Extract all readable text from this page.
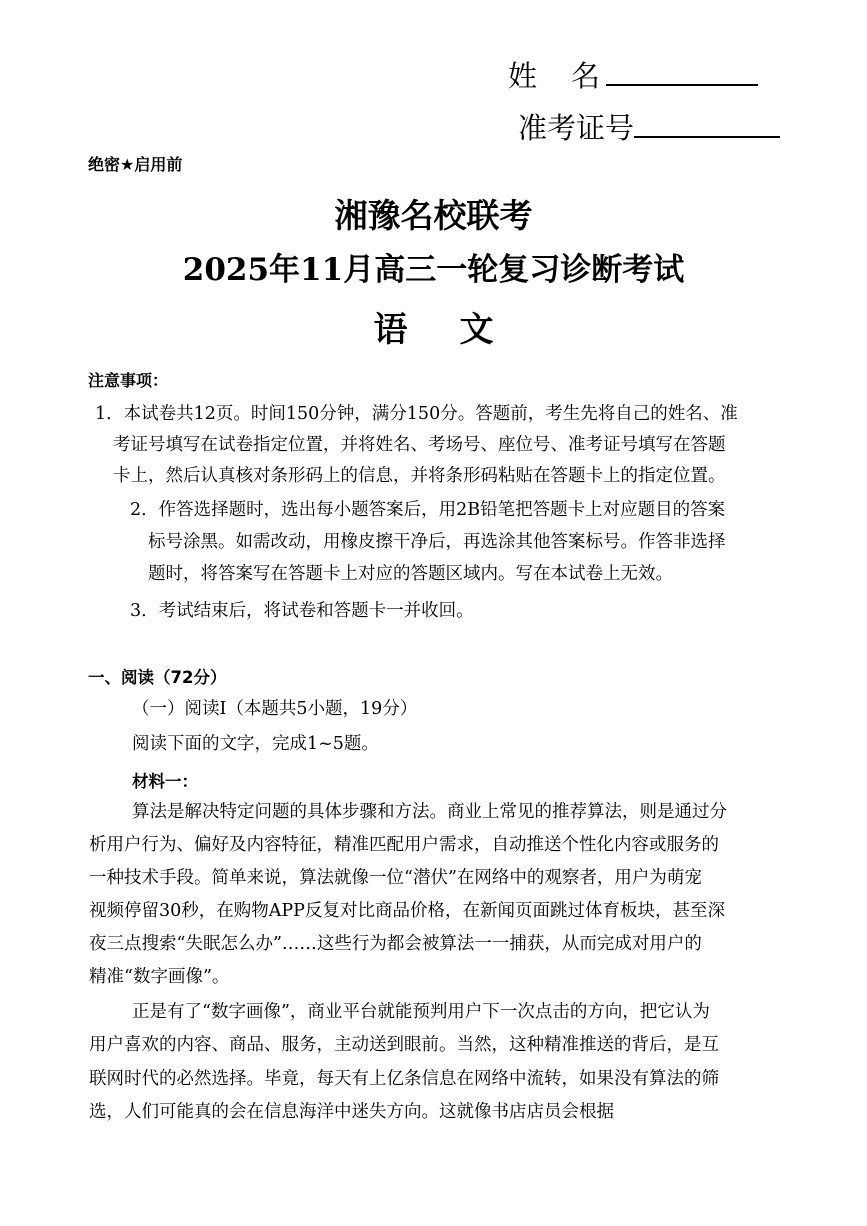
姓名
准考证号
绝密★启用前
湘豫名校联考
2025年11月高三一轮复习诊断考试
语文
注意事项：
1．本试卷共12页。时间150分钟，满分150分。答题前，考生先将自己的姓名、准
考证号填写在试卷指定位置，并将姓名、考场号、座位号、准考证号填写在答题
卡上，然后认真核对条形码上的信息，并将条形码粘贴在答题卡上的指定位置。
2．作答选择题时，选出每小题答案后，用2B铅笔把答题卡上对应题目的答案
标号涂黑。如需改动，用橡皮擦干净后，再选涂其他答案标号。作答非选择
题时，将答案写在答题卡上对应的答题区域内。写在本试卷上无效。
3．考试结束后，将试卷和答题卡一并收回。
一、阅读（72分）
（一）阅读I（本题共5小题，19分）
阅读下面的文字，完成1~5题。
材料一：
算法是解决特定问题的具体步骤和方法。商业上常见的推荐算法，则是通过分
析用户行为、偏好及内容特征，精准匹配用户需求，自动推送个性化内容或服务的
一种技术手段。简单来说，算法就像一位“潜伏”在网络中的观察者，用户为萌宠
视频停留30秒，在购物APP反复对比商品价格，在新闻页面跳过体育板块，甚至深
夜三点搜索“失眠怎么办”……这些行为都会被算法一一捕获，从而完成对用户的
精准“数字画像”。
正是有了“数字画像”，商业平台就能预判用户下一次点击的方向，把它认为
用户喜欢的内容、商品、服务，主动送到眼前。当然，这种精准推送的背后，是互
联网时代的必然选择。毕竟，每天有上亿条信息在网络中流转，如果没有算法的筛
选，人们可能真的会在信息海洋中迷失方向。这就像书店店员会根据
